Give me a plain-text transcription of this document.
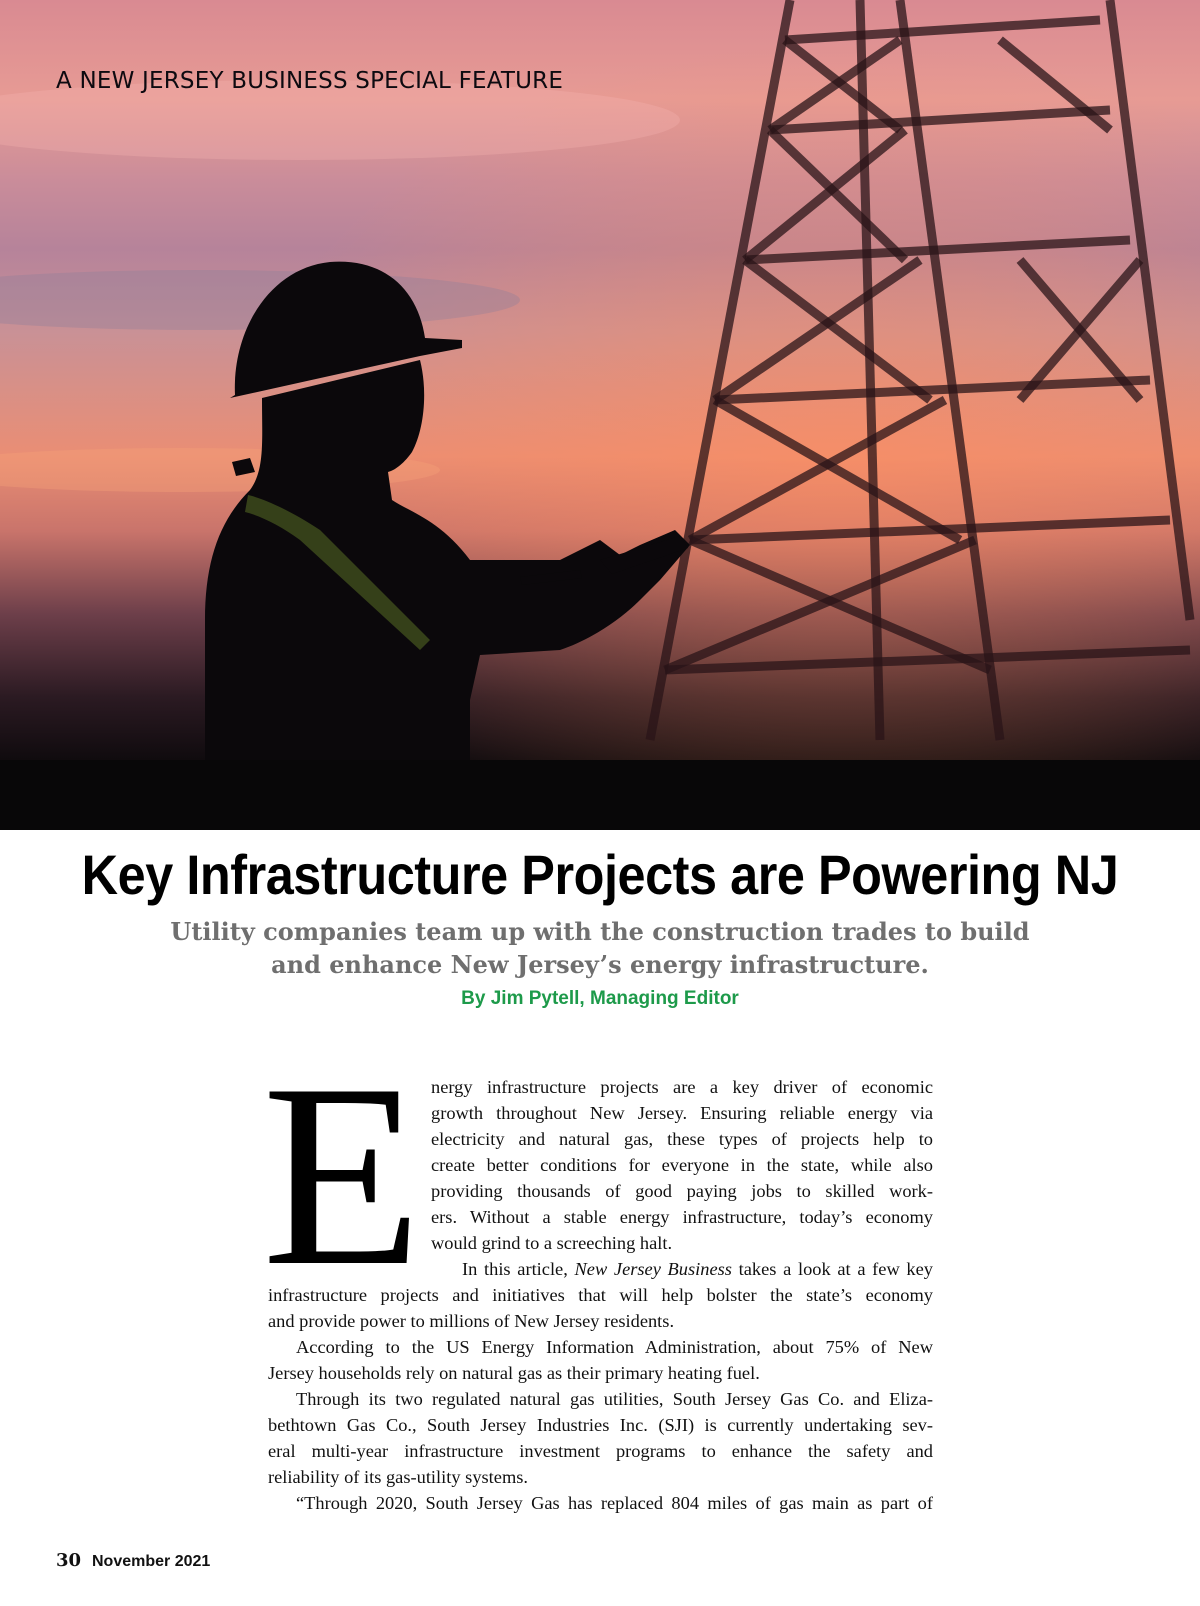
A NEW JERSEY BUSINESS SPECIAL FEATURE

Key Infrastructure Projects are Powering NJ

Utility companies team up with the construction trades to build
and enhance New Jersey’s energy infrastructure.

By Jim Pytell, Managing Editor

E nergy infrastructure projects are a key driver of economic

growth throughout New Jersey. Ensuring reliable energy via

electricity and natural gas, these types of projects help to

create better conditions for everyone in the state, while also

providing thousands of good paying jobs to skilled work-

ers. Without a stable energy infrastructure, today’s economy

would grind to a screeching halt.

In this article, New Jersey Business takes a look at a few key

infrastructure projects and initiatives that will help bolster the state’s economy

and provide power to millions of New Jersey residents.

According to the US Energy Information Administration, about 75% of New

Jersey households rely on natural gas as their primary heating fuel.

Through its two regulated natural gas utilities, South Jersey Gas Co. and Eliza-

bethtown Gas Co., South Jersey Industries Inc. (SJI) is currently undertaking sev-

eral multi-year infrastructure investment programs to enhance the safety and

reliability of its gas-utility systems.

“Through 2020, South Jersey Gas has replaced 804 miles of gas main as part of

30 November 2021
